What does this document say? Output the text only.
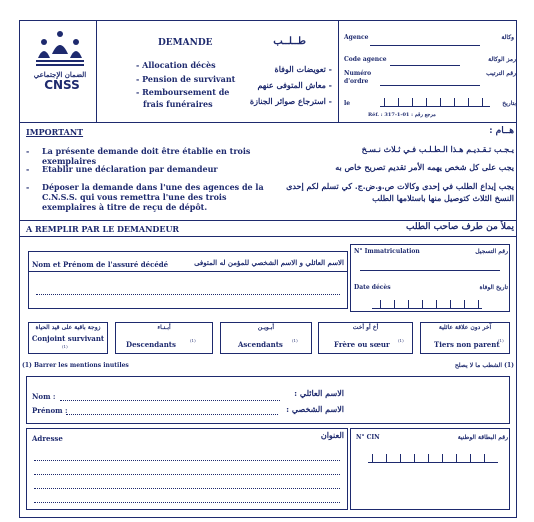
الضمان الإجتماعي
CNSS
DEMANDE	طــلــب
- Allocation décès
- Pension de survivant
- Remboursement de
frais funéraires
- تعويضات الوفاة
- معاش المتوفى عنهم
- استرجاع صوائر الجنازة
Agence	وكالة
Code agence	رمز الوكالة
Numéro d'ordre
رقم الترتيب
le	بتاريخ
Réf. : 317-1-01 : مرجع رقم
IMPORTANT	هــام :
- La présente demande doit être établie en trois exemplaires
- Etablir une déclaration par demandeur
- Déposer la demande dans l'une des agences de la C.N.S.S. qui vous remettra l'une des trois exemplaires à titre de reçu de dépôt.
يـجـب تـقـديـم هـذا الـطـلـب فـي ثـلاث نـسـخ
يجب على كل شخص يهمه الأمر تقديم تصريح خاص به
يجب إيداع الطلب في إحدى وكالات ص.و.ض.ج. كي تسلم لكم إحدى النسخ الثلاث كتوصيل منها باستلامها الطلب
A REMPLIR PAR LE DEMANDEUR	يملأ من طرف صاحب الطلب
Nom et Prénom de l'assuré décédé	الاسم العائلي و الاسم الشخصي للمؤمن له المتوفى
N° Immatriculation	رقم التسجيل
Date décès	تاريخ الوفاة
زوجة باقية على قيد الحياة
Conjoint survivant
(1)
أبـنـاء
Descendants	(1)
أبـويـن
Ascendants (1)
أخ أو أخت
Frère ou sœur (1)
آخر دون علاقة عائلية
Tiers non parent
(1)
(1) Barrer les mentions inutiles	(1) الشطب ما لا يصلح
Nom :	الاسم العائلي :
Prénom :	الاسم الشخصي :
Adresse	العنوان N° CIN	رقم البطاقة الوطنية
